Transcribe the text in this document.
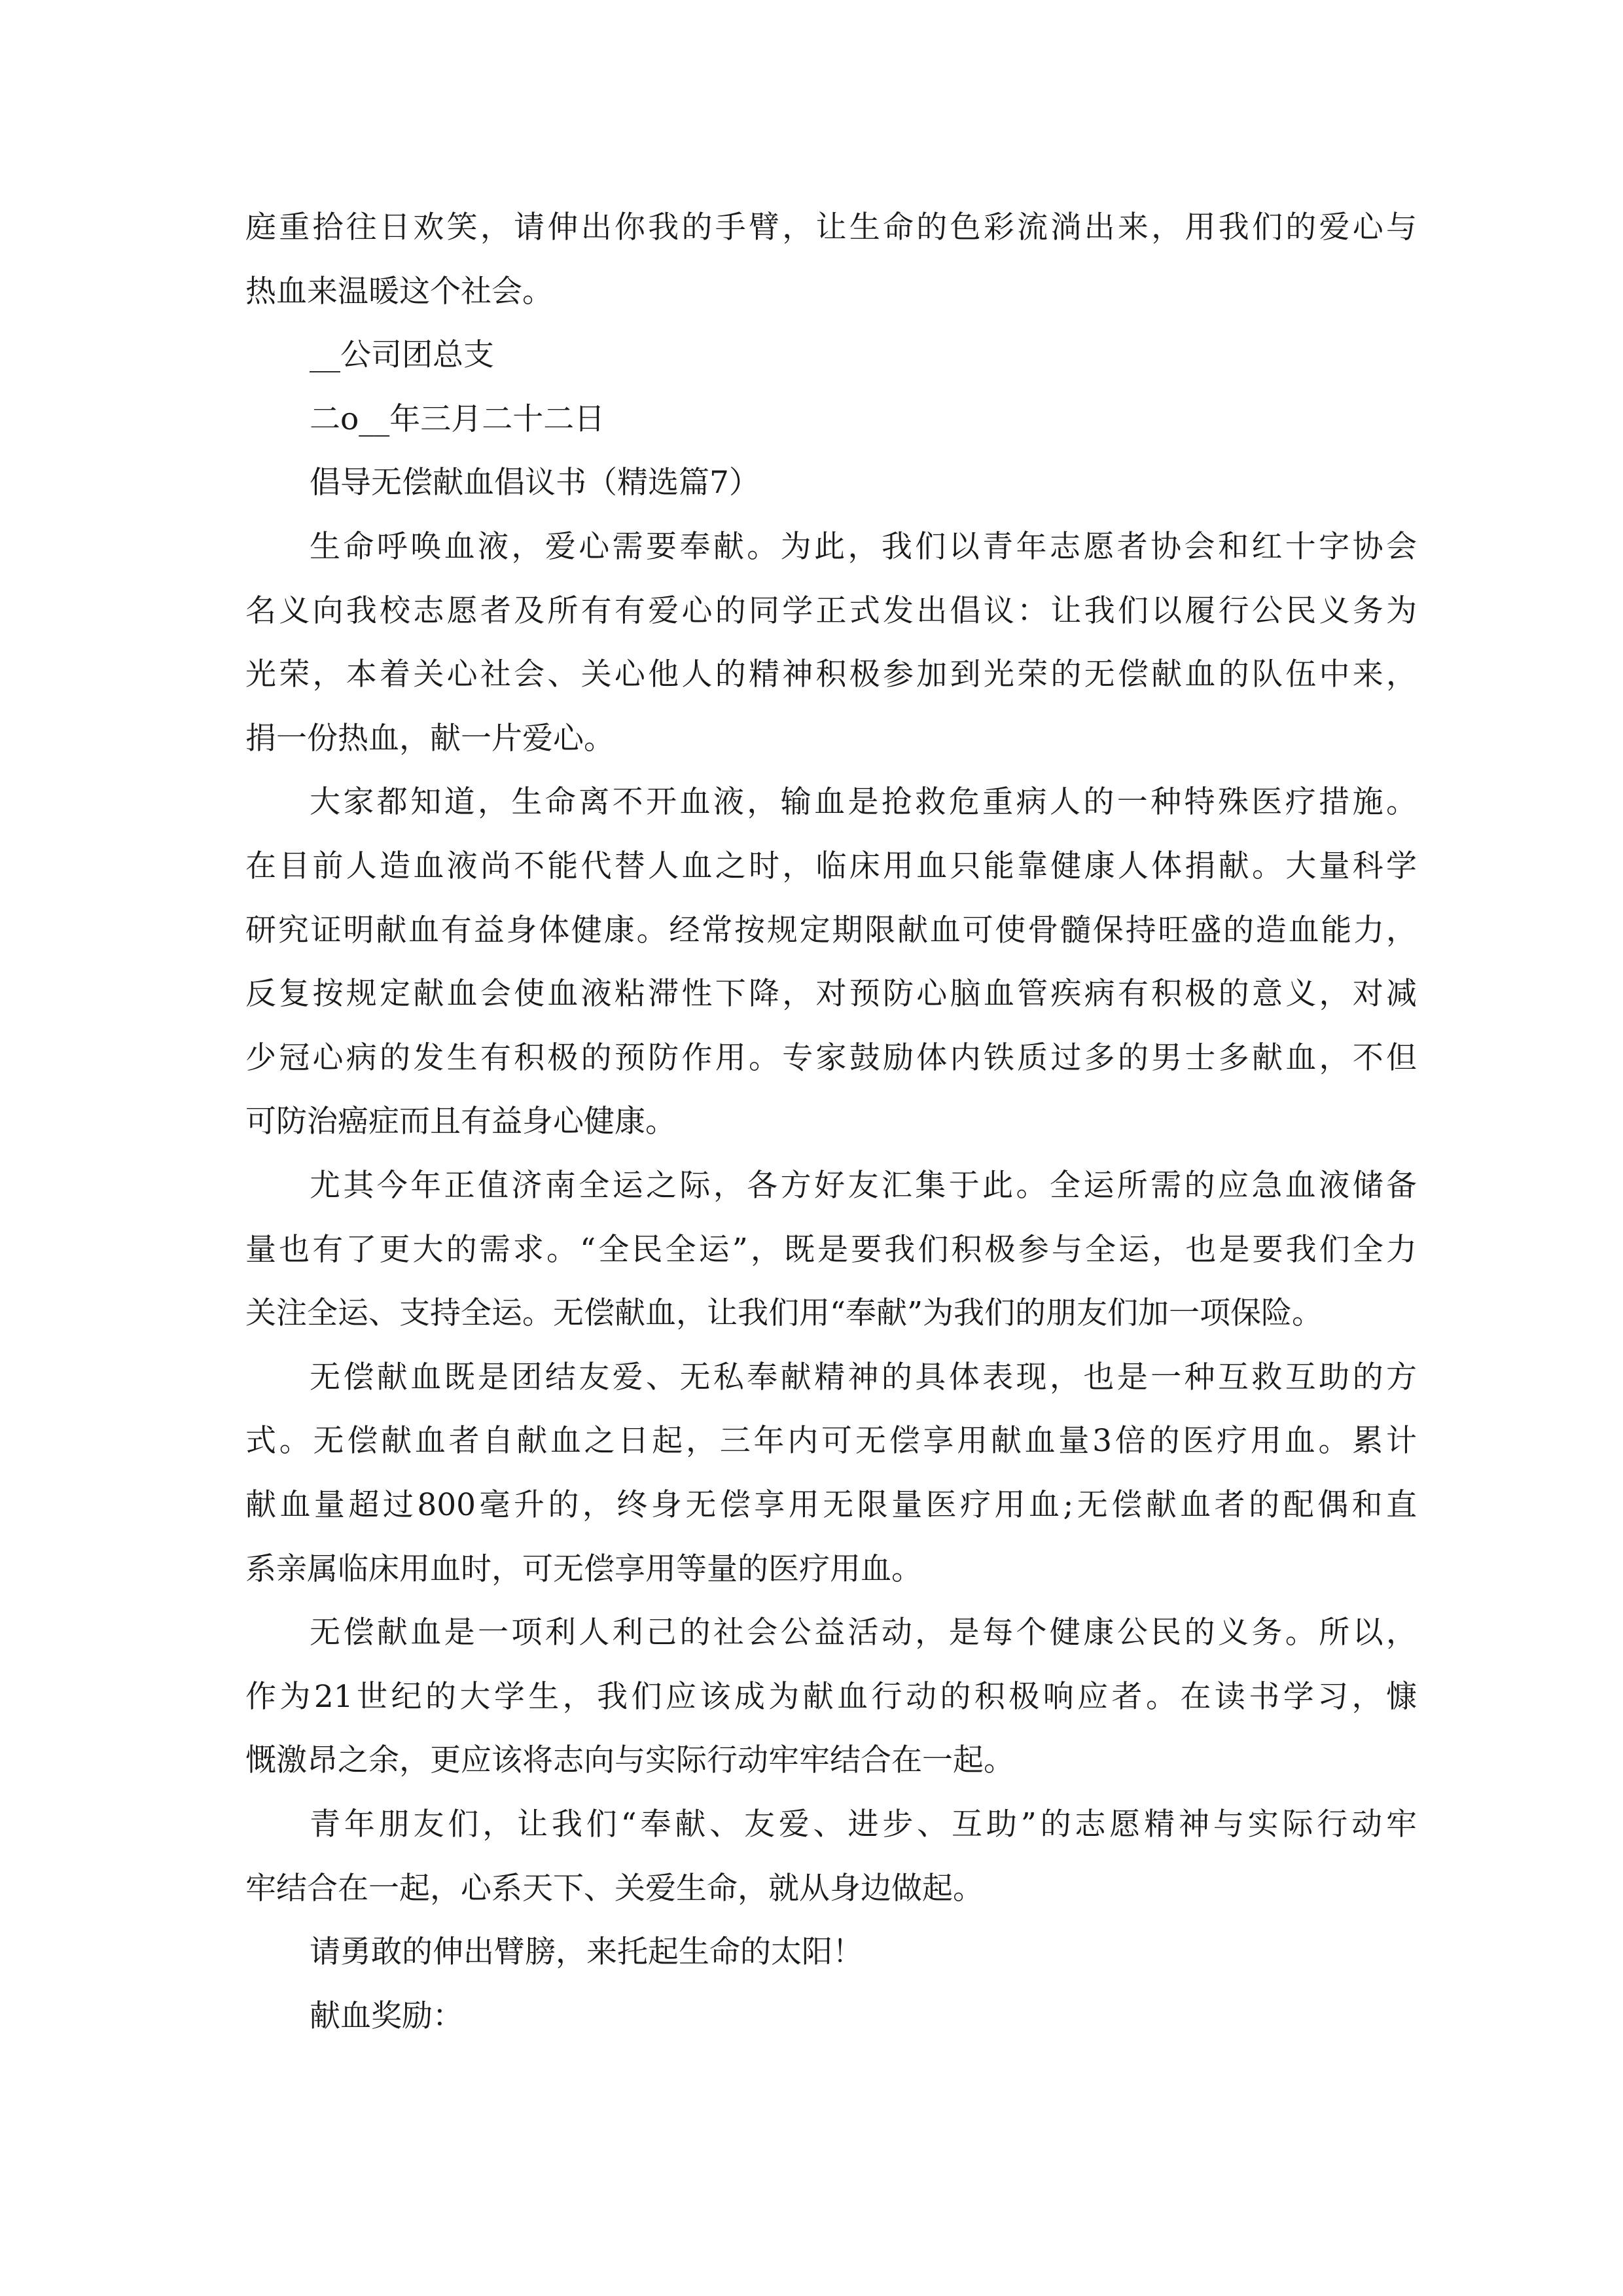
庭重拾往日欢笑，请伸出你我的手臂，让生命的色彩流淌出来，用我们的爱心与
热血来温暖这个社会。
__公司团总支
二o__年三月二十二日
倡导无偿献血倡议书（精选篇7）
生命呼唤血液，爱心需要奉献。为此，我们以青年志愿者协会和红十字协会
名义向我校志愿者及所有有爱心的同学正式发出倡议：让我们以履行公民义务为
光荣，本着关心社会、关心他人的精神积极参加到光荣的无偿献血的队伍中来，
捐一份热血，献一片爱心。
大家都知道，生命离不开血液，输血是抢救危重病人的一种特殊医疗措施。
在目前人造血液尚不能代替人血之时，临床用血只能靠健康人体捐献。大量科学
研究证明献血有益身体健康。经常按规定期限献血可使骨髓保持旺盛的造血能力，
反复按规定献血会使血液粘滞性下降，对预防心脑血管疾病有积极的意义，对减
少冠心病的发生有积极的预防作用。专家鼓励体内铁质过多的男士多献血，不但
可防治癌症而且有益身心健康。
尤其今年正值济南全运之际，各方好友汇集于此。全运所需的应急血液储备
量也有了更大的需求。“全民全运”，既是要我们积极参与全运，也是要我们全力
关注全运、支持全运。无偿献血，让我们用“奉献”为我们的朋友们加一项保险。
无偿献血既是团结友爱、无私奉献精神的具体表现，也是一种互救互助的方
式。无偿献血者自献血之日起，三年内可无偿享用献血量3倍的医疗用血。累计
献血量超过800毫升的，终身无偿享用无限量医疗用血;无偿献血者的配偶和直
系亲属临床用血时，可无偿享用等量的医疗用血。
无偿献血是一项利人利己的社会公益活动，是每个健康公民的义务。所以，
作为21世纪的大学生，我们应该成为献血行动的积极响应者。在读书学习，慷
慨激昂之余，更应该将志向与实际行动牢牢结合在一起。
青年朋友们，让我们“奉献、友爱、进步、互助”的志愿精神与实际行动牢
牢结合在一起，心系天下、关爱生命，就从身边做起。
请勇敢的伸出臂膀，来托起生命的太阳！
献血奖励：
